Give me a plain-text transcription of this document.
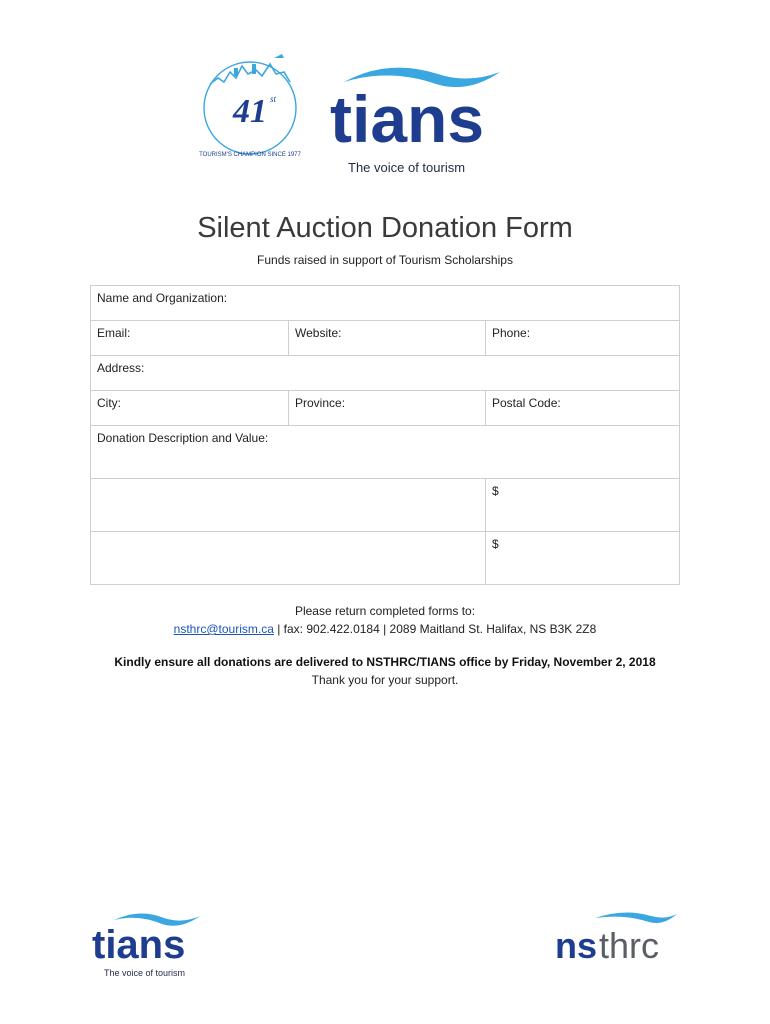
41 st
TOURISM'S CHAMPION SINCE 1977 tians
The voice of tourism
Silent Auction Donation Form
Funds raised in support of Tourism Scholarships
Name and Organization:		
Email:	Website:	Phone:
Address:		
City:	Province:	Postal Code:
Donation Description and Value:		
		$
		$
Please return completed forms to:
nsthrc@tourism.ca | fax: 902.422.0184 | 2089 Maitland St. Halifax, NS B3K 2Z8
Kindly ensure all donations are delivered to NSTHRC/TIANS office by Friday, November 2, 2018
Thank you for your support.
tians
The voice of tourism
ns thrc
